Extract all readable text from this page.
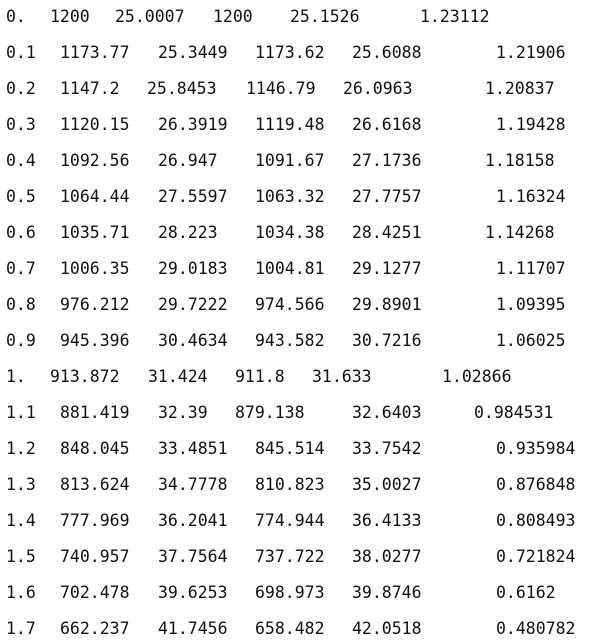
0. 1200 25.0007 1200 25.1526	1.23112
0.1 1173.77 25.3449 1173.62 25.6088	1.21906
0.2 1147.2 25.8453 1146.79 26.0963	1.20837
0.3 1120.15 26.3919 1119.48 26.6168	1.19428
0.4 1092.56 26.947 1091.67 27.1736	1.18158
0.5 1064.44 27.5597 1063.32 27.7757	1.16324
0.6 1035.71 28.223 1034.38 28.4251	1.14268
0.7 1006.35 29.0183 1004.81 29.1277	1.11707
0.8 976.212 29.7222 974.566 29.8901	1.09395
0.9 945.396 30.4634 943.582 30.7216	1.06025
1. 913.872 31.424 911.8 31.633	1.02866
1.1 881.419 32.39 879.138	32.6403	0.984531
1.2 848.045 33.4851 845.514 33.7542	0.935984
1.3 813.624 34.7778 810.823 35.0027	0.876848
1.4 777.969 36.2041 774.944 36.4133	0.808493
1.5 740.957 37.7564 737.722 38.0277	0.721824
1.6 702.478 39.6253 698.973 39.8746	0.6162
1.7 662.237 41.7456 658.482 42.0518	0.480782
